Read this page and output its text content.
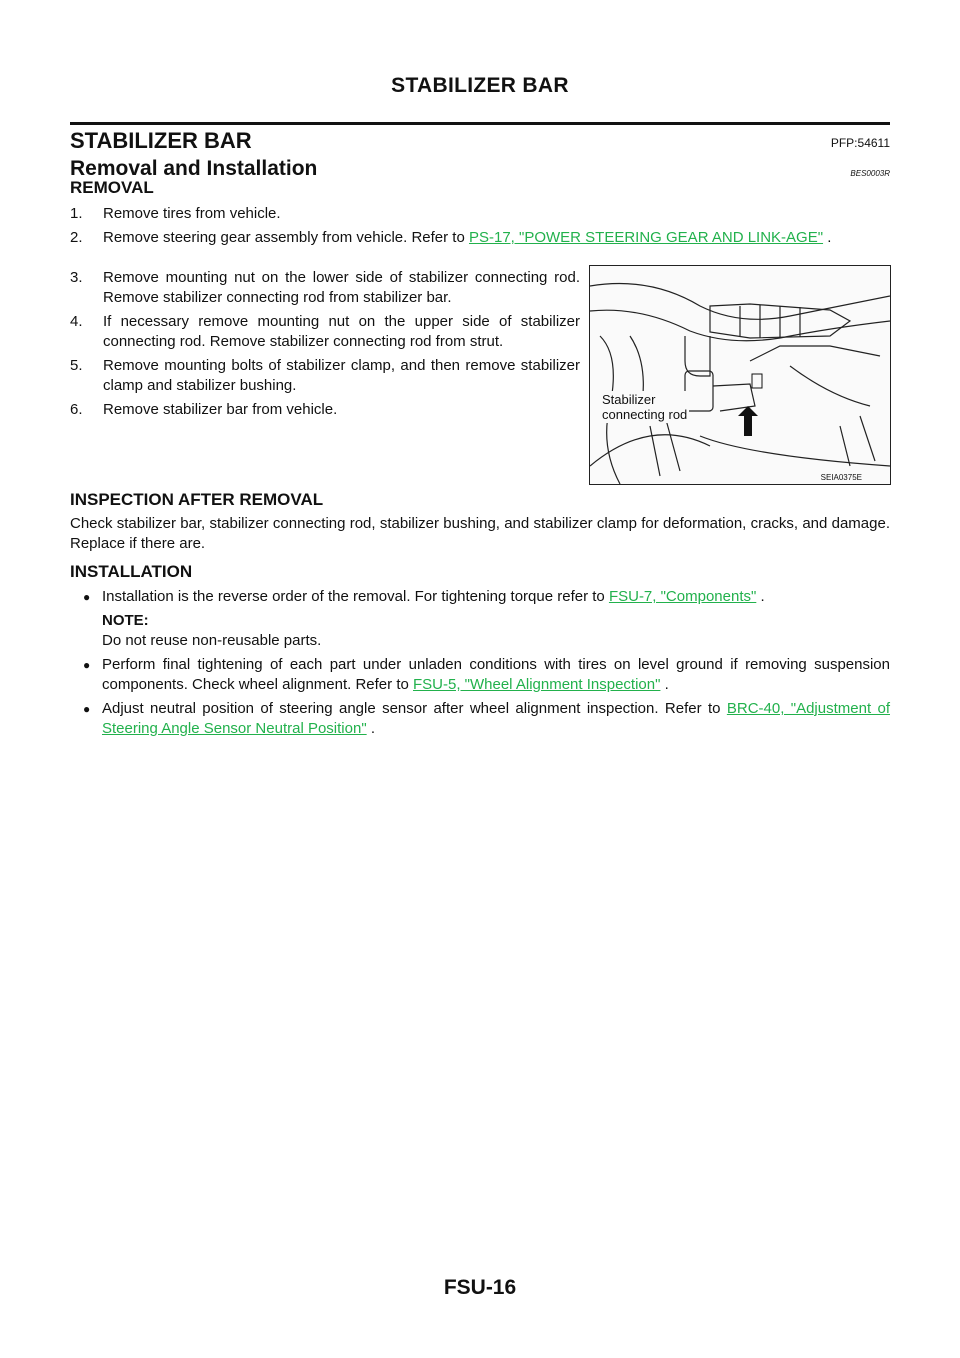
STABILIZER BAR
STABILIZER BAR	PFP:54611
Removal and Installation	BES0003R
REMOVAL
1. Remove tires from vehicle.
2. Remove steering gear assembly from vehicle. Refer to PS-17, "POWER STEERING GEAR AND LINK-AGE" .
3. Remove mounting nut on the lower side of stabilizer connecting rod. Remove stabilizer connecting rod from stabilizer bar.
4. If necessary remove mounting nut on the upper side of stabilizer connecting rod. Remove stabilizer connecting rod from strut.
5. Remove mounting bolts of stabilizer clamp, and then remove stabilizer clamp and stabilizer bushing.
6. Remove stabilizer bar from vehicle.
Stabilizer
connecting rod
SEIA0375E
INSPECTION AFTER REMOVAL
Check stabilizer bar, stabilizer connecting rod, stabilizer bushing, and stabilizer clamp for deformation, cracks, and damage. Replace if there are.
INSTALLATION
● Installation is the reverse order of the removal. For tightening torque refer to FSU-7, "Components" .
NOTE:
Do not reuse non-reusable parts.
● Perform final tightening of each part under unladen conditions with tires on level ground if removing suspension components. Check wheel alignment. Refer to FSU-5, "Wheel Alignment Inspection" .
● Adjust neutral position of steering angle sensor after wheel alignment inspection. Refer to BRC-40, "Adjustment of Steering Angle Sensor Neutral Position" .
FSU-16
